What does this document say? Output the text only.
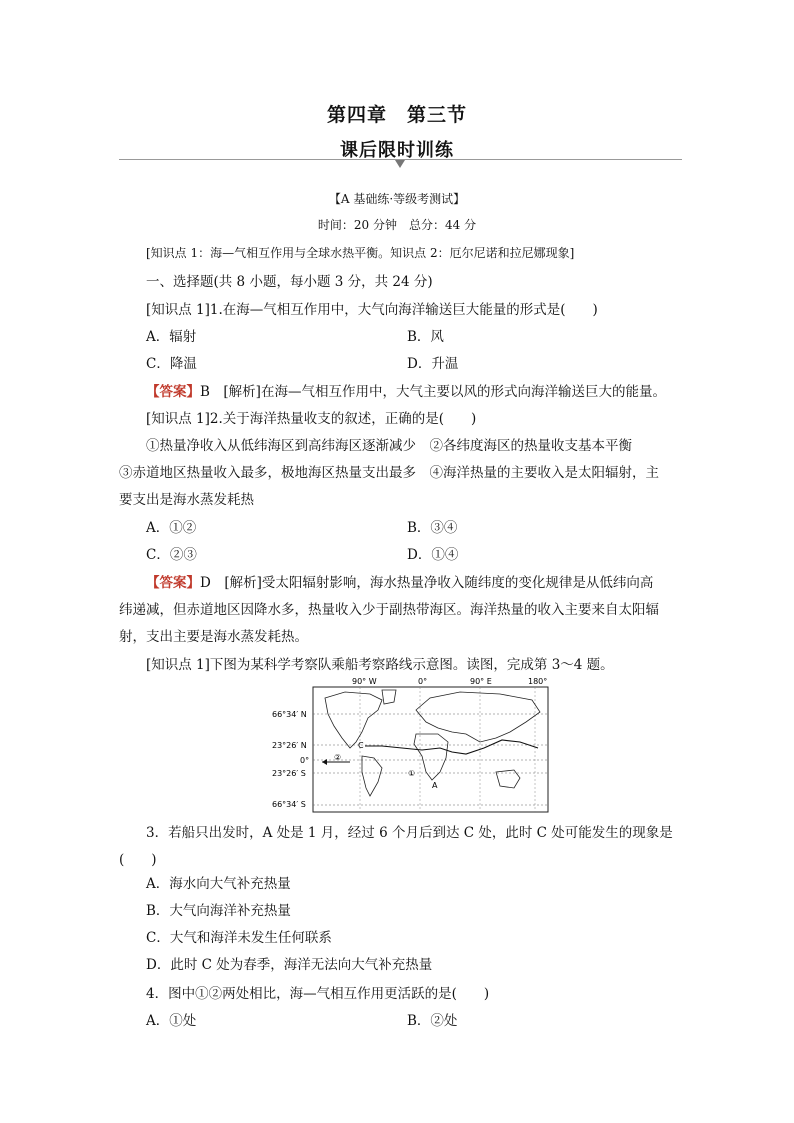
第四章　第三节
课后限时训练
【A 基础练·等级考测试】
时间：20 分钟　总分：44 分
[知识点 1：海—气相互作用与全球水热平衡。知识点 2：厄尔尼诺和拉尼娜现象]
一、选择题(共 8 小题，每小题 3 分，共 24 分)
[知识点 1]1.在海—气相互作用中，大气向海洋输送巨大能量的形式是(　　)
A．辐射	B．风
C．降温	D．升温
【答案】B　[解析]在海—气相互作用中，大气主要以风的形式向海洋输送巨大的能量。
[知识点 1]2.关于海洋热量收支的叙述，正确的是(　　)
①热量净收入从低纬海区到高纬海区逐渐减少　②各纬度海区的热量收支基本平衡
③赤道地区热量收入最多，极地海区热量支出最多　④海洋热量的主要收入是太阳辐射，主
要支出是海水蒸发耗热
A．①②	B．③④
C．②③	D．①④
【答案】D　[解析]受太阳辐射影响，海水热量净收入随纬度的变化规律是从低纬向高
纬递减，但赤道地区因降水多，热量收入少于副热带海区。海洋热量的收入主要来自太阳辐
射，支出主要是海水蒸发耗热。
[知识点 1]下图为某科学考察队乘船考察路线示意图。读图，完成第 3～4 题。
90° W	0°	90° E	180°
66°34′ N
23°26′ N
0°
23°26′ S
66°34′ S
C
①
②
A
3．若船只出发时，A 处是 1 月，经过 6 个月后到达 C 处，此时 C 处可能发生的现象是
(　　)
A．海水向大气补充热量
B．大气向海洋补充热量
C．大气和海洋未发生任何联系
D．此时 C 处为春季，海洋无法向大气补充热量
4．图中①②两处相比，海—气相互作用更活跃的是(　　)
A．①处	B．②处
